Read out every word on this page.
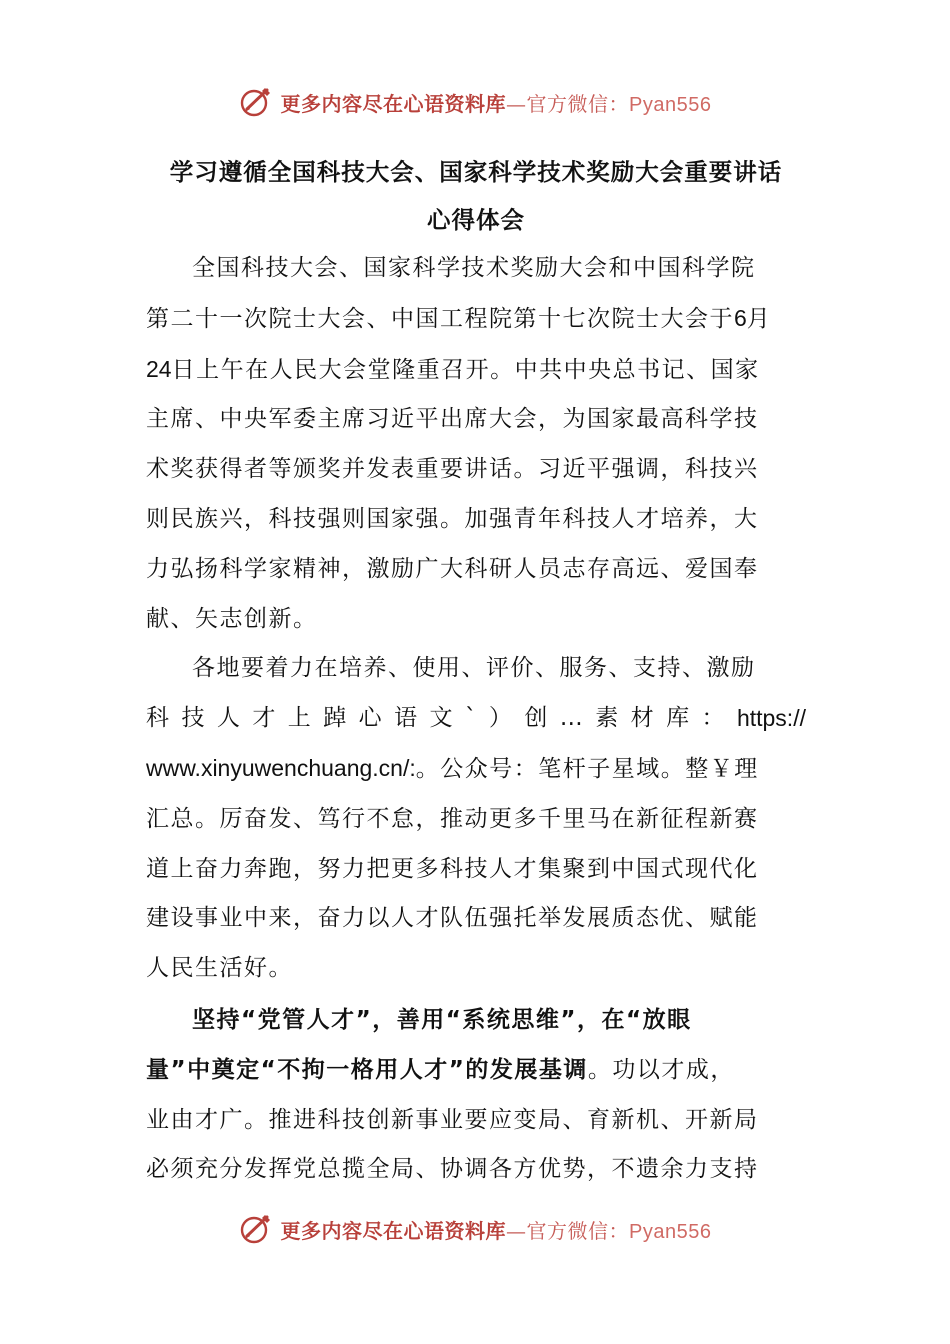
更多内容尽在心语资料库—官方微信：Pyan556
学习遵循全国科技大会、国家科学技术奖励大会重要讲话
心得体会
全国科技大会、国家科学技术奖励大会和中国科学院
第二十一次院士大会、中国工程院第十七次院士大会于6月
24日上午在人民大会堂隆重召开。中共中央总书记、国家
主席、中央军委主席习近平出席大会，为国家最高科学技
术奖获得者等颁奖并发表重要讲话。习近平强调，科技兴
则民族兴，科技强则国家强。加强青年科技人才培养，大
力弘扬科学家精神，激励广大科研人员志存高远、爱国奉
献、矢志创新。
各地要着力在培养、使用、评价、服务、支持、激励
科 技 人 才 上 踔 心 语 文 ` ） 创 … 素 材 库 ： https://
www.xinyuwenchuang.cn/:。公众号：笔杆子星域。整￥理
汇总。厉奋发、笃行不怠，推动更多千里马在新征程新赛
道上奋力奔跑，努力把更多科技人才集聚到中国式现代化
建设事业中来，奋力以人才队伍强托举发展质态优、赋能
人民生活好。
坚持“党管人才”，善用“系统思维”，在“放眼
量”中奠定“不拘一格用人才”的发展基调。功以才成，
业由才广。推进科技创新事业要应变局、育新机、开新局
必须充分发挥党总揽全局、协调各方优势，不遗余力支持
更多内容尽在心语资料库—官方微信：Pyan556
